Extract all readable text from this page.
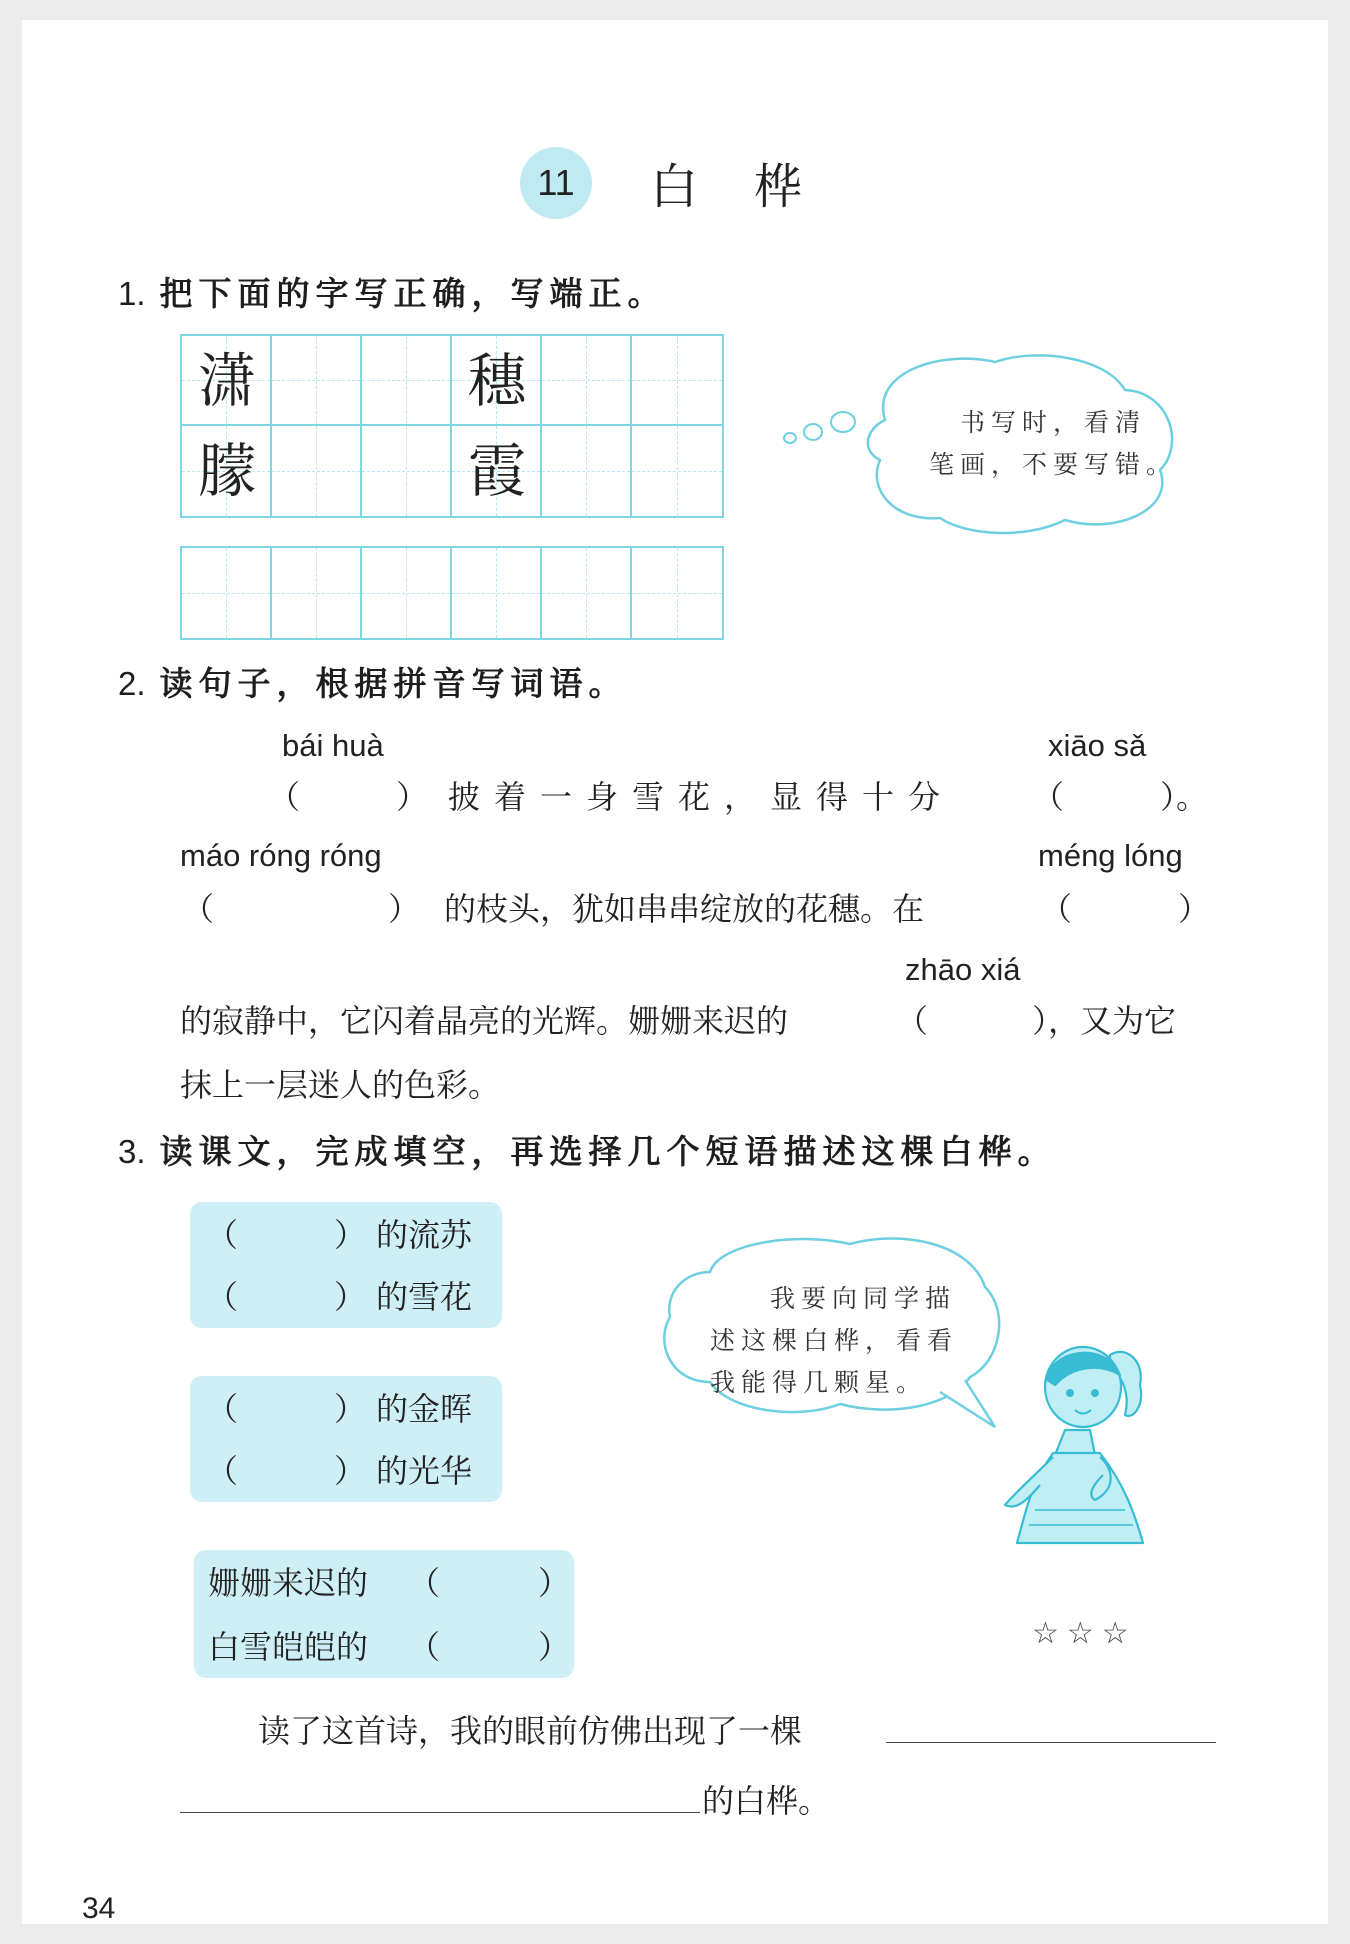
11	白桦
1. 把下面的字写正确，写端正。
潇	穗
朦	霞
书写时，看清
笔画，不要写错。
2. 读句子，根据拼音写词语。
bái huà	xiāo sǎ
（	） 披着一身雪花，显得十分 （	）。
máo róng róng	méng lóng
（	） 的枝头，犹如串串绽放的花穗。在	（	）
zhāo xiá
的寂静中，它闪着晶亮的光辉。姗姗来迟的	（	），又为它
抹上一层迷人的色彩。
3. 读课文，完成填空，再选择几个短语描述这棵白桦。
（	） 的流苏
（	） 的雪花
（	） 的金晖
（	） 的光华
姗姗来迟的 （	）
白雪皑皑的 （	）
我要向同学描
述这棵白桦，看看
我能得几颗星。
☆☆☆
读了这首诗，我的眼前仿佛出现了一棵
的白桦。
34
